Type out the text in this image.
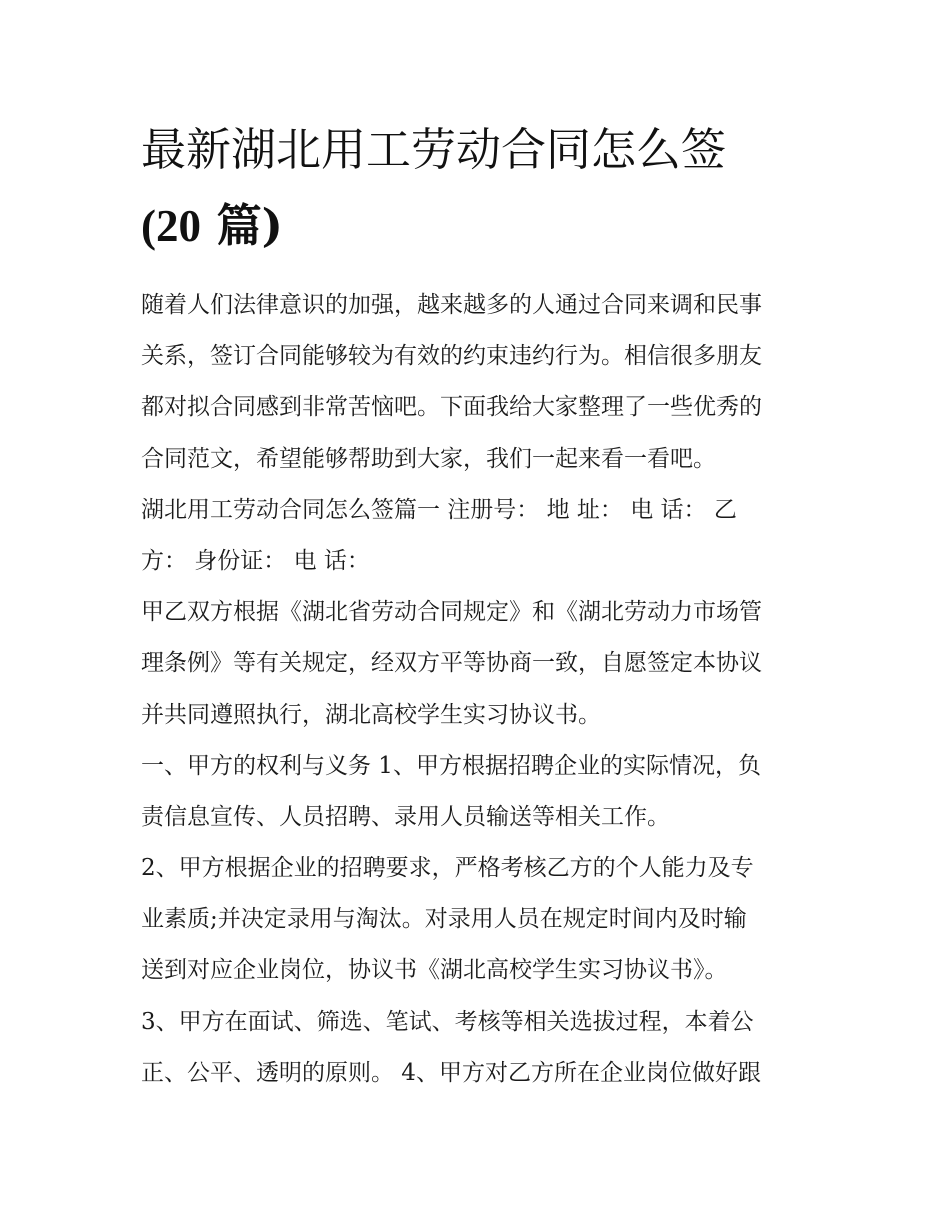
最新湖北用工劳动合同怎么签
(20 篇)
随着人们法律意识的加强，越来越多的人通过合同来调和民事
关系，签订合同能够较为有效的约束违约行为。相信很多朋友
都对拟合同感到非常苦恼吧。下面我给大家整理了一些优秀的
合同范文，希望能够帮助到大家，我们一起来看一看吧。
湖北用工劳动合同怎么签篇一 注册号： 地 址： 电 话： 乙
方： 身份证： 电 话：
甲乙双方根据《湖北省劳动合同规定》和《湖北劳动力市场管
理条例》等有关规定，经双方平等协商一致，自愿签定本协议
并共同遵照执行，湖北高校学生实习协议书。
一、甲方的权利与义务 1、甲方根据招聘企业的实际情况，负
责信息宣传、人员招聘、录用人员输送等相关工作。
2、甲方根据企业的招聘要求，严格考核乙方的个人能力及专
业素质;并决定录用与淘汰。对录用人员在规定时间内及时输
送到对应企业岗位，协议书《湖北高校学生实习协议书》。
3、甲方在面试、筛选、笔试、考核等相关选拔过程，本着公
正、公平、透明的原则。 4、甲方对乙方所在企业岗位做好跟
